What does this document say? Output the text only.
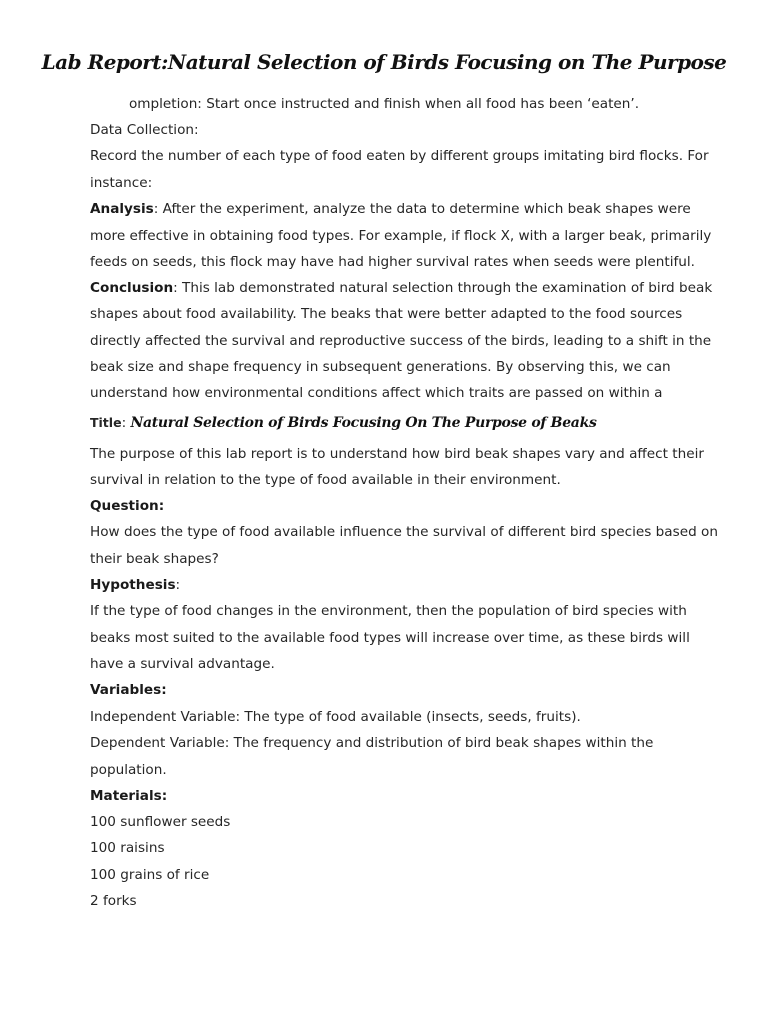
Lab Report:Natural Selection of Birds Focusing on The Purpose
ompletion: Start once instructed and finish when all food has been ‘eaten’.
Data Collection:
Record the number of each type of food eaten by different groups imitating bird flocks. For
instance:
Analysis: After the experiment, analyze the data to determine which beak shapes were
more effective in obtaining food types. For example, if flock X, with a larger beak, primarily
feeds on seeds, this flock may have had higher survival rates when seeds were plentiful.
Conclusion: This lab demonstrated natural selection through the examination of bird beak
shapes about food availability. The beaks that were better adapted to the food sources
directly affected the survival and reproductive success of the birds, leading to a shift in the
beak size and shape frequency in subsequent generations. By observing this, we can
understand how environmental conditions affect which traits are passed on within a
Title: Natural Selection of Birds Focusing On The Purpose of Beaks
The purpose of this lab report is to understand how bird beak shapes vary and affect their
survival in relation to the type of food available in their environment.
Question:
How does the type of food available influence the survival of different bird species based on
their beak shapes?
Hypothesis:
If the type of food changes in the environment, then the population of bird species with
beaks most suited to the available food types will increase over time, as these birds will
have a survival advantage.
Variables:
Independent Variable: The type of food available (insects, seeds, fruits).
Dependent Variable: The frequency and distribution of bird beak shapes within the
population.
Materials:
100 sunflower seeds
100 raisins
100 grains of rice
2 forks
